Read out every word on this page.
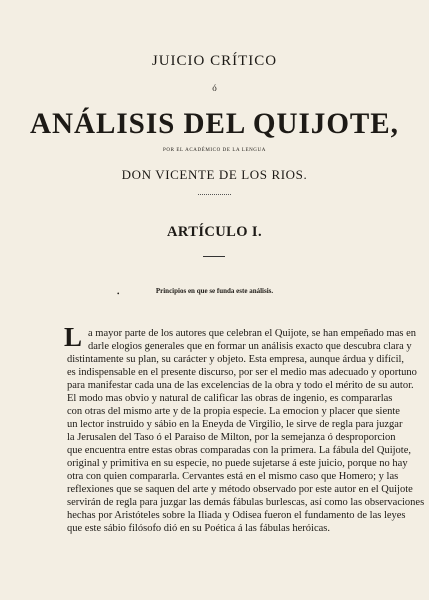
JUICIO CRÍTICO
ó
ANÁLISIS DEL QUIJOTE,
POR EL ACADÉMICO DE LA LENGUA
DON VICENTE DE LOS RIOS.
ARTÍCULO I.
•	Principios en que se funda este análisis.
L a mayor parte de los autores que celebran el Quijote, se han empeñado mas en
darle elogios generales que en formar un análisis exacto que descubra clara y
distintamente su plan, su carácter y objeto. Esta empresa, aunque árdua y difícil,
es indispensable en el presente discurso, por ser el medio mas adecuado y oportuno
para manifestar cada una de las excelencias de la obra y todo el mérito de su autor.
El modo mas obvio y natural de calificar las obras de ingenio, es compararlas
con otras del mismo arte y de la propia especie. La emocion y placer que siente
un lector instruido y sábio en la Eneyda de Virgilio, le sirve de regla para juzgar
la Jerusalen del Taso ó el Paraiso de Milton, por la semejanza ó desproporcion
que encuentra entre estas obras comparadas con la primera. La fábula del Quijote,
original y primitiva en su especie, no puede sujetarse á este juicio, porque no hay
otra con quien compararla. Cervantes está en el mismo caso que Homero; y las
reflexiones que se saquen del arte y método observado por este autor en el Quijote
servirán de regla para juzgar las demás fábulas burlescas, así como las observaciones
hechas por Aristóteles sobre la Iliada y Odisea fueron el fundamento de las leyes
que este sábio filósofo dió en su Poética á las fábulas heróicas.
